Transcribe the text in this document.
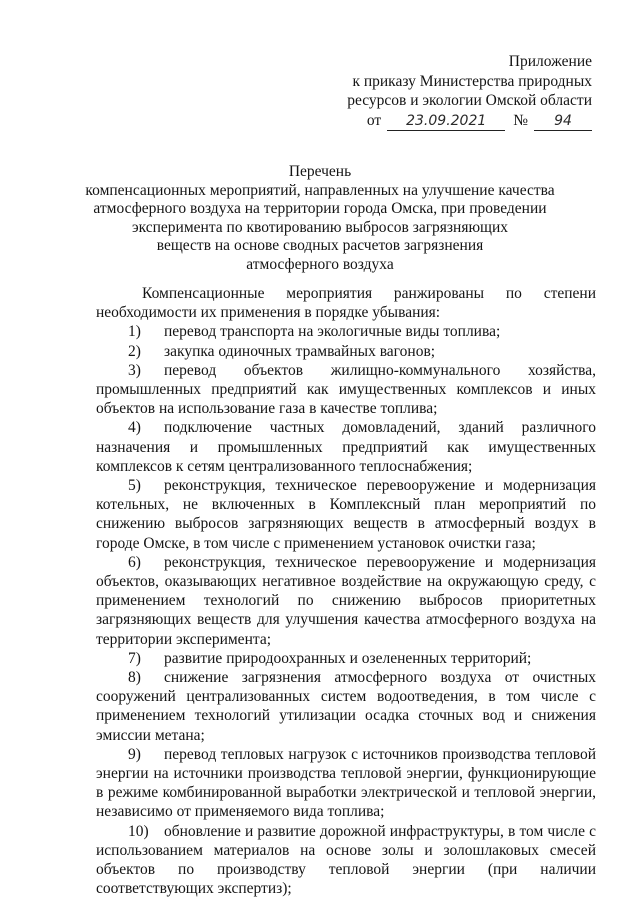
Приложение
к приказу Министерства природных
ресурсов и экологии Омской области
от	23.09.2021	№	94
Перечень
компенсационных мероприятий, направленных на улучшение качества
атмосферного воздуха на территории города Омска, при проведении
эксперимента по квотированию выбросов загрязняющих
веществ на основе сводных расчетов загрязнения
атмосферного воздуха

Компенсационные мероприятия ранжированы по степени необходимости их применения в порядке убывания:

1) перевод транспорта на экологичные виды топлива;

2) закупка одиночных трамвайных вагонов;

3) перевод объектов жилищно-коммунального хозяйства, промышленных предприятий как имущественных комплексов и иных объектов на использование газа в качестве топлива;

4) подключение частных домовладений, зданий различного назначения и промышленных предприятий как имущественных комплексов к сетям централизованного теплоснабжения;

5) реконструкция, техническое перевооружение и модернизация котельных, не включенных в Комплексный план мероприятий по снижению выбросов загрязняющих веществ в атмосферный воздух в городе Омске, в том числе с применением установок очистки газа;

6) реконструкция, техническое перевооружение и модернизация объектов, оказывающих негативное воздействие на окружающую среду, с применением технологий по снижению выбросов приоритетных загрязняющих веществ для улучшения качества атмосферного воздуха на территории эксперимента;

7) развитие природоохранных и озелененных территорий;

8) снижение загрязнения атмосферного воздуха от очистных сооружений централизованных систем водоотведения, в том числе с применением технологий утилизации осадка сточных вод и снижения эмиссии метана;

9) перевод тепловых нагрузок с источников производства тепловой энергии на источники производства тепловой энергии, функционирующие в режиме комбинированной выработки электрической и тепловой энергии, независимо от применяемого вида топлива;

10) обновление и развитие дорожной инфраструктуры, в том числе с использованием материалов на основе золы и золошлаковых смесей объектов по производству тепловой энергии (при наличии соответствующих экспертиз);
